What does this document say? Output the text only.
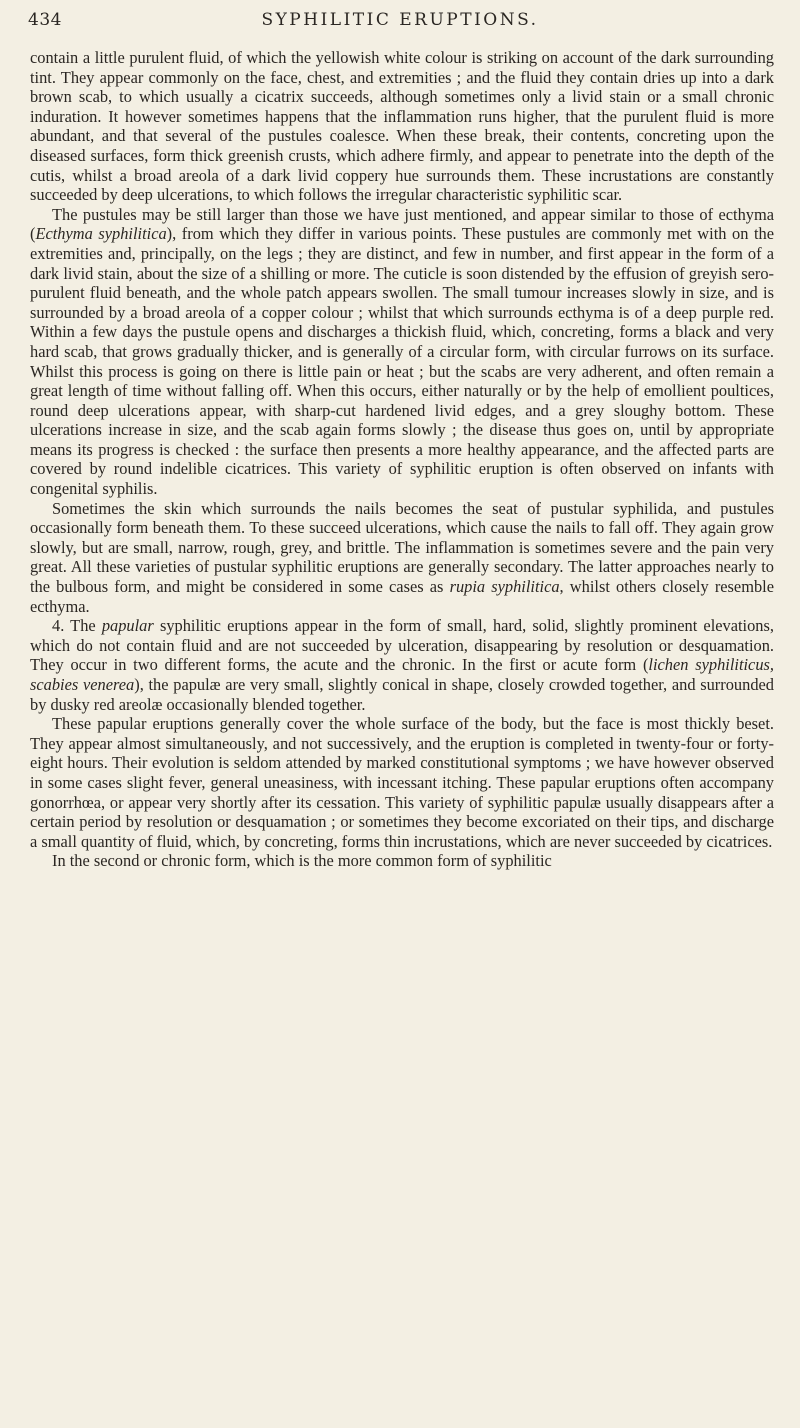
434	SYPHILITIC ERUPTIONS.

contain a little purulent fluid, of which the yellowish white colour is striking on account of the dark surrounding tint. They appear commonly on the face, chest, and extremities ; and the fluid they contain dries up into a dark brown scab, to which usually a cicatrix succeeds, although sometimes only a livid stain or a small chronic induration. It however sometimes happens that the inflammation runs higher, that the purulent fluid is more abundant, and that several of the pustules coalesce. When these break, their contents, concreting upon the diseased surfaces, form thick greenish crusts, which adhere firmly, and appear to penetrate into the depth of the cutis, whilst a broad areola of a dark livid coppery hue surrounds them. These incrustations are constantly succeeded by deep ulcerations, to which follows the irregular characteristic syphilitic scar.

The pustules may be still larger than those we have just mentioned, and appear similar to those of ecthyma (Ecthyma syphilitica), from which they differ in various points. These pustules are commonly met with on the extremities and, principally, on the legs ; they are distinct, and few in number, and first appear in the form of a dark livid stain, about the size of a shilling or more. The cuticle is soon distended by the effusion of greyish sero-purulent fluid beneath, and the whole patch appears swollen. The small tumour increases slowly in size, and is surrounded by a broad areola of a copper colour ; whilst that which surrounds ecthyma is of a deep purple red. Within a few days the pustule opens and discharges a thickish fluid, which, concreting, forms a black and very hard scab, that grows gradually thicker, and is generally of a circular form, with circular furrows on its surface. Whilst this process is going on there is little pain or heat ; but the scabs are very adherent, and often remain a great length of time without falling off. When this occurs, either naturally or by the help of emollient poultices, round deep ulcerations appear, with sharp-cut hardened livid edges, and a grey sloughy bottom. These ulcerations increase in size, and the scab again forms slowly ; the disease thus goes on, until by appropriate means its progress is checked : the surface then presents a more healthy appearance, and the affected parts are covered by round indelible cicatrices. This variety of syphilitic eruption is often observed on infants with congenital syphilis.

Sometimes the skin which surrounds the nails becomes the seat of pustular syphilida, and pustules occasionally form beneath them. To these succeed ulcerations, which cause the nails to fall off. They again grow slowly, but are small, narrow, rough, grey, and brittle. The inflammation is sometimes severe and the pain very great. All these varieties of pustular syphilitic eruptions are generally secondary. The latter approaches nearly to the bulbous form, and might be considered in some cases as rupia syphilitica, whilst others closely resemble ecthyma.

4. The papular syphilitic eruptions appear in the form of small, hard, solid, slightly prominent elevations, which do not contain fluid and are not succeeded by ulceration, disappearing by resolution or desquamation. They occur in two different forms, the acute and the chronic. In the first or acute form (lichen syphiliticus, scabies venerea), the papulæ are very small, slightly conical in shape, closely crowded together, and surrounded by dusky red areolæ occasionally blended together.

These papular eruptions generally cover the whole surface of the body, but the face is most thickly beset. They appear almost simultaneously, and not successively, and the eruption is completed in twenty-four or forty-eight hours. Their evolution is seldom attended by marked constitutional symptoms ; we have however observed in some cases slight fever, general uneasiness, with incessant itching. These papular eruptions often accompany gonorrhœa, or appear very shortly after its cessation. This variety of syphilitic papulæ usually disappears after a certain period by resolution or desquamation ; or sometimes they become excoriated on their tips, and discharge a small quantity of fluid, which, by concreting, forms thin incrustations, which are never succeeded by cicatrices.

In the second or chronic form, which is the more common form of syphilitic
